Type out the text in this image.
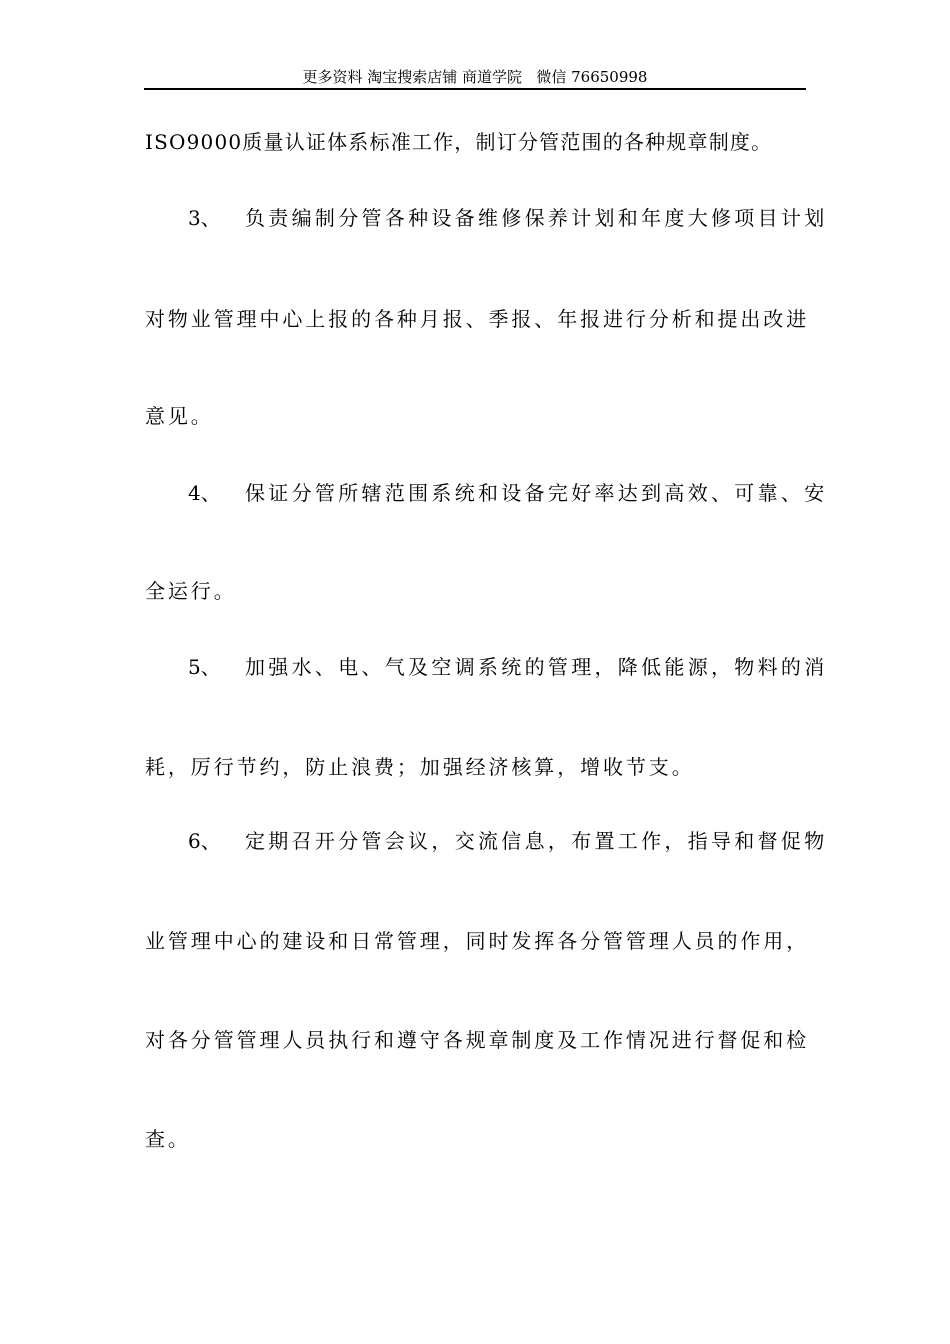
更多资料 淘宝搜索店铺 商道学院   微信 76650998
ISO9000质量认证体系标准工作，制订分管范围的各种规章制度。
3、 负责编制分管各种设备维修保养计划和年度大修项目计划
对物业管理中心上报的各种月报、季报、年报进行分析和提出改进
意见。
4、 保证分管所辖范围系统和设备完好率达到高效、可靠、安
全运行。
5、 加强水、电、气及空调系统的管理，降低能源，物料的消
耗，厉行节约，防止浪费；加强经济核算，增收节支。
6、 定期召开分管会议，交流信息，布置工作，指导和督促物
业管理中心的建设和日常管理，同时发挥各分管管理人员的作用，
对各分管管理人员执行和遵守各规章制度及工作情况进行督促和检
查。
